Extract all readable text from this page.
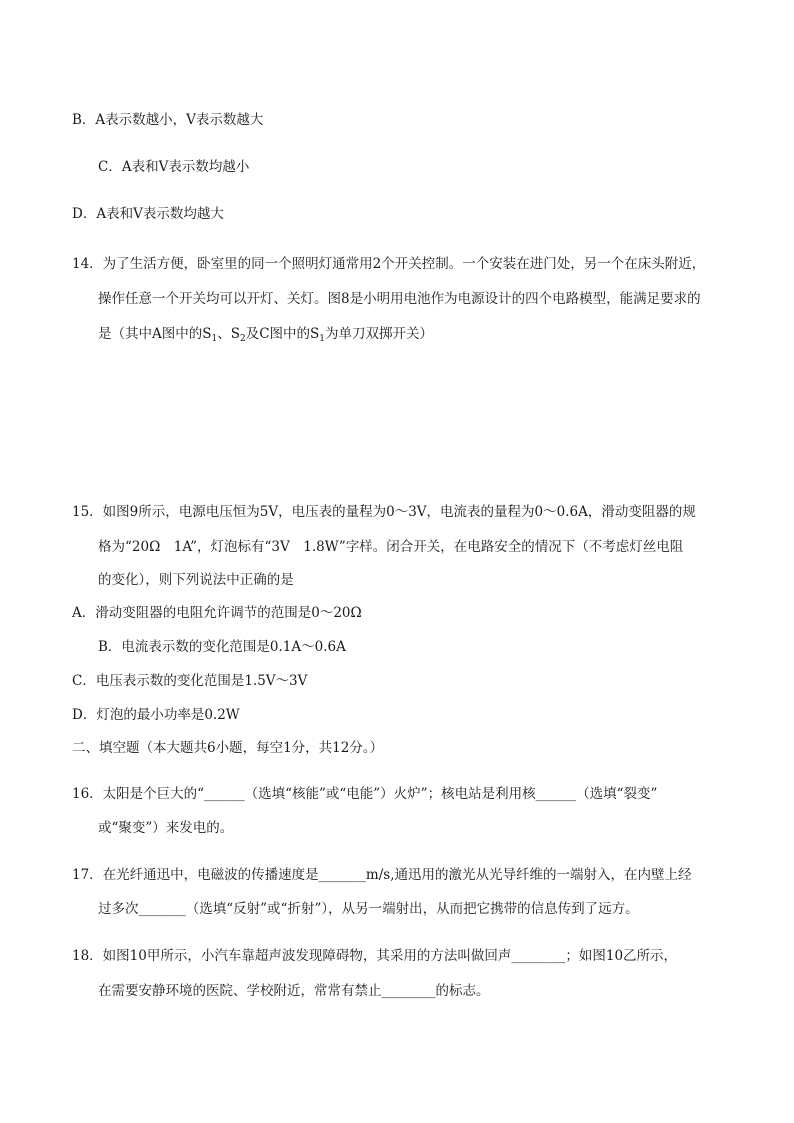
B．A表示数越小，V表示数越大
C．A表和V表示数均越小
D．A表和V表示数均越大
14．为了生活方便，卧室里的同一个照明灯通常用2个开关控制。一个安装在进门处，另一个在床头附近，
操作任意一个开关均可以开灯、关灯。图8是小明用电池作为电源设计的四个电路模型，能满足要求的
是（其中A图中的$S_1$、$S_2$及C图中的$S_1$为单刀双掷开关）
15．如图9所示，电源电压恒为5V，电压表的量程为0～3V，电流表的量程为0～0.6A，滑动变阻器的规
格为“20Ω　1A”，灯泡标有“3V　1.8W”字样。闭合开关，在电路安全的情况下（不考虑灯丝电阻
的变化），则下列说法中正确的是
A．滑动变阻器的电阻允许调节的范围是0～20Ω
B．电流表示数的变化范围是0.1A～0.6A
C．电压表示数的变化范围是1.5V～3V
D．灯泡的最小功率是0.2W
二、填空题（本大题共6小题，每空1分，共12分。）
16．太阳是个巨大的“______（选填“核能”或“电能”）火炉”；核电站是利用核______（选填“裂变”
或“聚变”）来发电的。
17．在光纤通迅中，电磁波的传播速度是_______m/s,通迅用的激光从光导纤维的一端射入，在内壁上经
过多次_______（选填“反射”或“折射”），从另一端射出，从而把它携带的信息传到了远方。
18．如图10甲所示，小汽车靠超声波发现障碍物，其采用的方法叫做回声________；如图10乙所示，
在需要安静环境的医院、学校附近，常常有禁止________的标志。
